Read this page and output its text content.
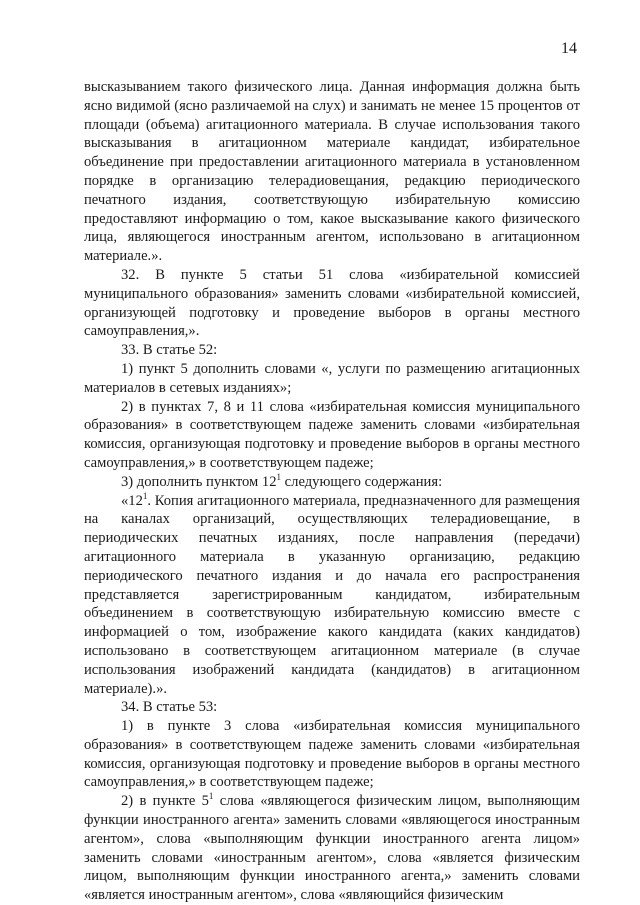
14

высказыванием такого физического лица. Данная информация должна быть ясно видимой (ясно различаемой на слух) и занимать не менее 15 процентов от площади (объема) агитационного материала. В случае использования такого высказывания в агитационном материале кандидат, избирательное объединение при предоставлении агитационного материала в установленном порядке в организацию телерадиовещания, редакцию периодического печатного издания, соответствующую избирательную комиссию предоставляют информацию о том, какое высказывание какого физического лица, являющегося иностранным агентом, использовано в агитационном материале.».

32. В пункте 5 статьи 51 слова «избирательной комиссией муниципального образования» заменить словами «избирательной комиссией, организующей подготовку и проведение выборов в органы местного самоуправления,».

33. В статье 52:

1) пункт 5 дополнить словами «, услуги по размещению агитационных материалов в сетевых изданиях»;

2) в пунктах 7, 8 и 11 слова «избирательная комиссия муниципального образования» в соответствующем падеже заменить словами «избирательная комиссия, организующая подготовку и проведение выборов в органы местного самоуправления,» в соответствующем падеже;

3) дополнить пунктом $12^1$ следующего содержания:

«$12^1$. Копия агитационного материала, предназначенного для размещения на каналах организаций, осуществляющих телерадиовещание, в периодических печатных изданиях, после направления (передачи) агитационного материала в указанную организацию, редакцию периодического печатного издания и до начала его распространения представляется зарегистрированным кандидатом, избирательным объединением в соответствующую избирательную комиссию вместе с информацией о том, изображение какого кандидата (каких кандидатов) использовано в соответствующем агитационном материале (в случае использования изображений кандидата (кандидатов) в агитационном материале).».

34. В статье 53:

1) в пункте 3 слова «избирательная комиссия муниципального образования» в соответствующем падеже заменить словами «избирательная комиссия, организующая подготовку и проведение выборов в органы местного самоуправления,» в соответствующем падеже;

2) в пункте $5^1$ слова «являющегося физическим лицом, выполняющим функции иностранного агента» заменить словами «являющегося иностранным агентом», слова «выполняющим функции иностранного агента лицом» заменить словами «иностранным агентом», слова «является физическим лицом, выполняющим функции иностранного агента,» заменить словами «является иностранным агентом», слова «являющийся физическим
